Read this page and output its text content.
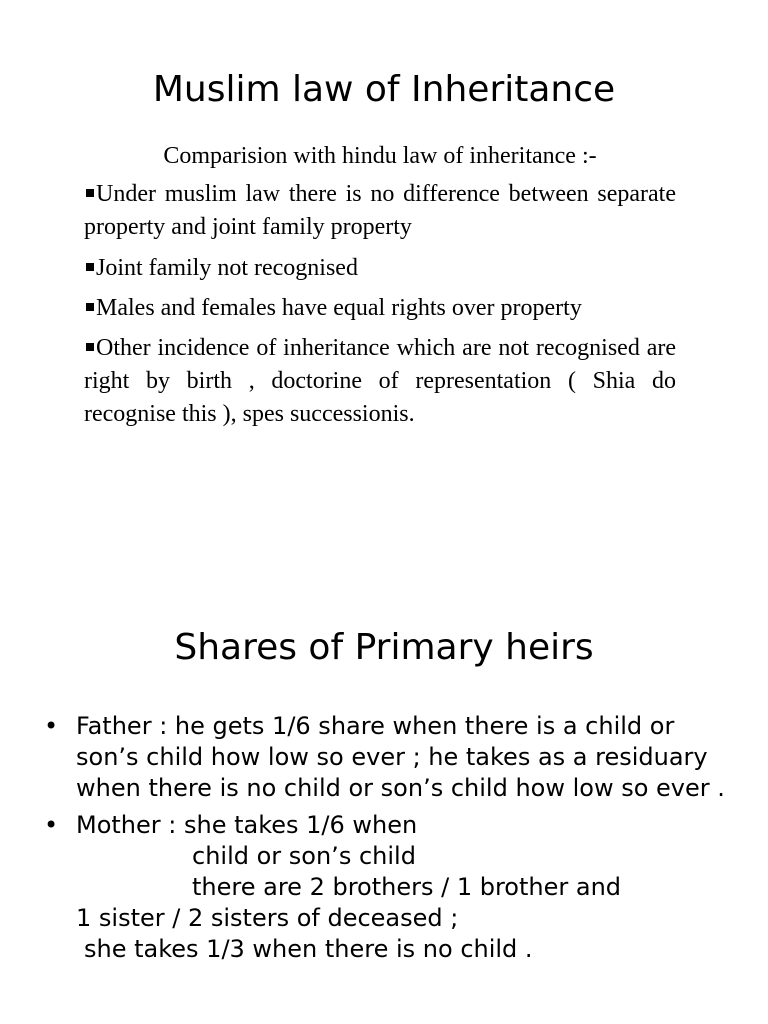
Muslim law of Inheritance
Comparision with hindu law of inheritance :-

Under muslim law there is no difference between separate property and joint family property

Joint family not recognised

Males and females have equal rights over property

Other incidence of inheritance which are not recognised are right by birth , doctorine of representation ( Shia do recognise this ), spes successionis.

Shares of Primary heirs
• Father : he gets 1/6 share when there is a child or son’s child how low so ever ; he takes as a residuary when there is no child or son’s child how low so ever .
• Mother : she takes 1/6 when
child or son’s child
there are 2 brothers / 1 brother and
1 sister / 2 sisters of deceased ;
she takes 1/3 when there is no child .
